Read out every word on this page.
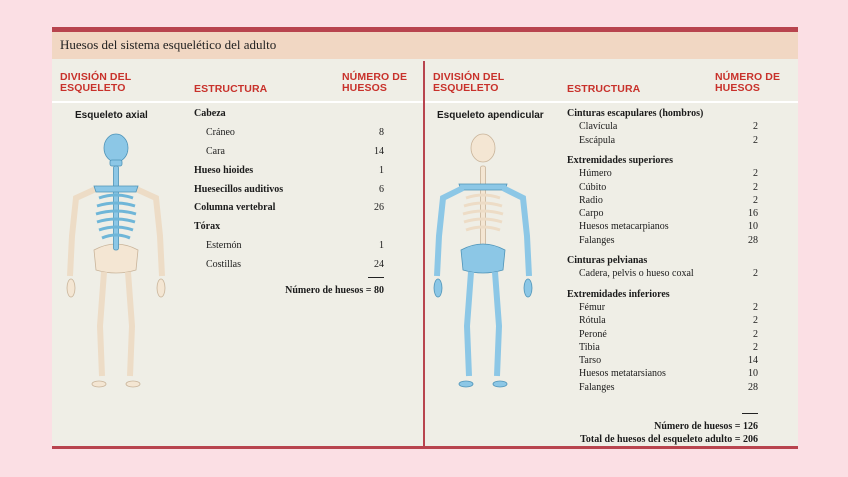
Huesos del sistema esquelético del adulto
DIVISIÓN DEL
ESQUELETO	ESTRUCTURA
NÚMERO DE
HUESOS
DIVISIÓN DEL
ESQUELETO	ESTRUCTURA
NÚMERO DE
HUESOS
Esqueleto axial	Esqueleto apendicular
Cabeza
Cráneo	8
Cara	14
Hueso hioides	1
Huesecillos auditivos	6
Columna vertebral	26
Tórax
Esternón	1
Costillas	24
Número de huesos = 80
Cinturas escapulares (hombros)
Clavícula	2
Escápula	2
Extremidades superiores
Húmero	2
Cúbito	2
Radio	2
Carpo	16
Huesos metacarpianos	10
Falanges	28
Cinturas pelvianas
Cadera, pelvis o hueso coxal	2
Extremidades inferiores
Fémur	2
Rótula	2
Peroné	2
Tibia	2
Tarso	14
Huesos metatarsianos	10
Falanges	28
Número de huesos = 126
Total de huesos del esqueleto adulto = 206
